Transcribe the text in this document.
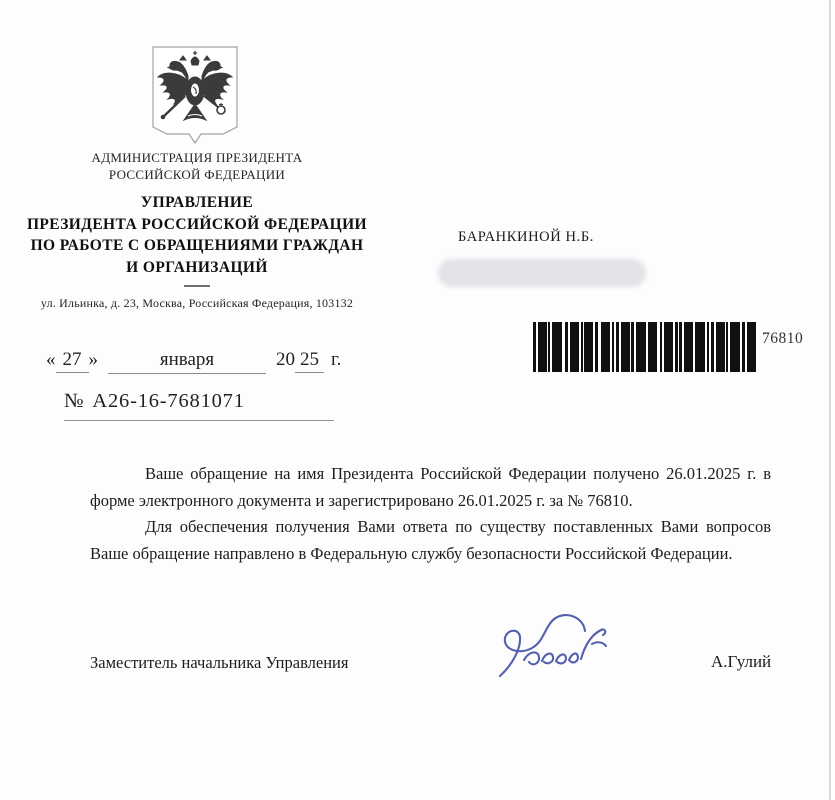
АДМИНИСТРАЦИЯ ПРЕЗИДЕНТА
РОССИЙСКОЙ ФЕДЕРАЦИИ
УПРАВЛЕНИЕ
ПРЕЗИДЕНТА РОССИЙСКОЙ ФЕДЕРАЦИИ
ПО РАБОТЕ С ОБРАЩЕНИЯМИ ГРАЖДАН
И ОРГАНИЗАЦИЙ
ул. Ильинка, д. 23, Москва, Российская Федерация, 103132
« 27 »	января	20 25 г.
№ А26-16-7681071
БАРАНКИНОЙ Н.Б.
76810

Ваше обращение на имя Президента Российской Федерации получено 26.01.2025 г. в форме электронного документа и зарегистрировано 26.01.2025 г. за № 76810.

Для обеспечения получения Вами ответа по существу поставленных Вами вопросов Ваше обращение направлено в Федеральную службу безопасности Российской Федерации.

Заместитель начальника Управления	А.Гулий
